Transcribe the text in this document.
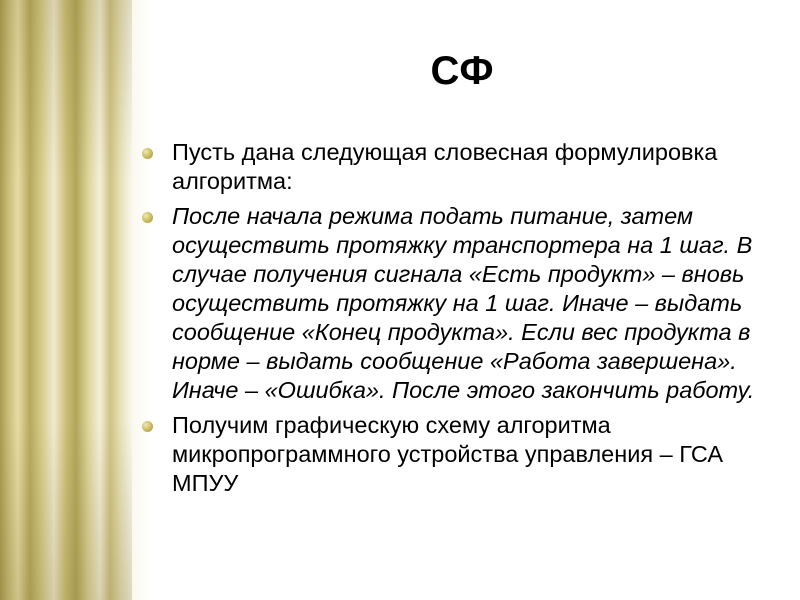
СФ
Пусть дана следующая словесная формулировка алгоритма:
После начала режима подать питание, затем осуществить протяжку транспортера на 1 шаг. В случае получения сигнала «Есть продукт» – вновь осуществить протяжку на 1 шаг. Иначе – выдать сообщение «Конец продукта». Если вес продукта в норме – выдать сообщение «Работа завершена». Иначе – «Ошибка». После этого закончить работу.
Получим графическую схему алгоритма микропрограммного устройства управления – ГСА МПУУ
